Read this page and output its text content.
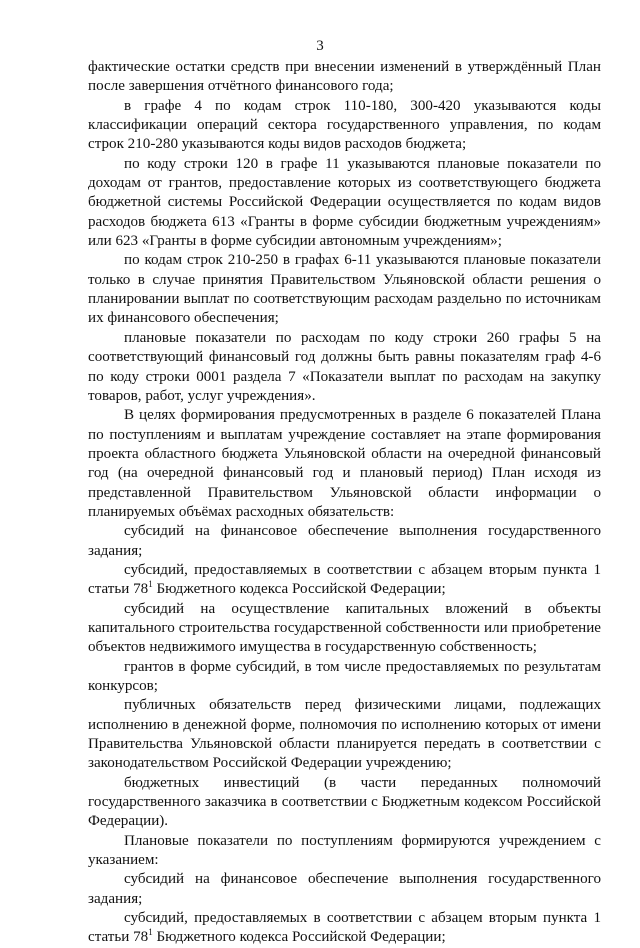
3

фактические остатки средств при внесении изменений в утверждённый План после завершения отчётного финансового года;

в графе 4 по кодам строк 110-180, 300-420 указываются коды классификации операций сектора государственного управления, по кодам строк 210-280 указываются коды видов расходов бюджета;

по коду строки 120 в графе 11 указываются плановые показатели по доходам от грантов, предоставление которых из соответствующего бюджета бюджетной системы Российской Федерации осуществляется по кодам видов расходов бюджета 613 «Гранты в форме субсидии бюджетным учреждениям» или 623 «Гранты в форме субсидии автономным учреждениям»;

по кодам строк 210-250 в графах 6-11 указываются плановые показатели только в случае принятия Правительством Ульяновской области решения о планировании выплат по соответствующим расходам раздельно по источникам их финансового обеспечения;

плановые показатели по расходам по коду строки 260 графы 5 на соответствующий финансовый год должны быть равны показателям граф 4-6 по коду строки 0001 раздела 7 «Показатели выплат по расходам на закупку товаров, работ, услуг учреждения».

В целях формирования предусмотренных в разделе 6 показателей Плана по поступлениям и выплатам учреждение составляет на этапе формирования проекта областного бюджета Ульяновской области на очередной финансовый год (на очередной финансовый год и плановый период) План исходя из представленной Правительством Ульяновской области информации о планируемых объёмах расходных обязательств:

субсидий на финансовое обеспечение выполнения государственного задания;

субсидий, предоставляемых в соответствии с абзацем вторым пункта 1 статьи $78^1$ Бюджетного кодекса Российской Федерации;

субсидий на осуществление капитальных вложений в объекты капитального строительства государственной собственности или приобретение объектов недвижимого имущества в государственную собственность;

грантов в форме субсидий, в том числе предоставляемых по результатам конкурсов;

публичных обязательств перед физическими лицами, подлежащих исполнению в денежной форме, полномочия по исполнению которых от имени Правительства Ульяновской области планируется передать в соответствии с законодательством Российской Федерации учреждению;

бюджетных инвестиций (в части переданных полномочий государственного заказчика в соответствии с Бюджетным кодексом Российской Федерации).

Плановые показатели по поступлениям формируются учреждением с указанием:

субсидий на финансовое обеспечение выполнения государственного задания;

субсидий, предоставляемых в соответствии с абзацем вторым пункта 1 статьи $78^1$ Бюджетного кодекса Российской Федерации;
